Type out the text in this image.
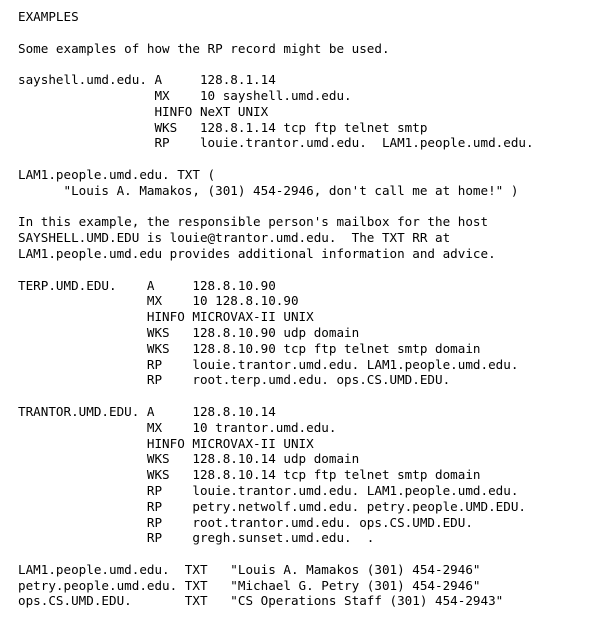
EXAMPLES
Some examples of how the RP record might be used.
sayshell.umd.edu. A     128.8.1.14
MX    10 sayshell.umd.edu.
HINFO NeXT UNIX
WKS   128.8.1.14 tcp ftp telnet smtp
RP    louie.trantor.umd.edu.  LAM1.people.umd.edu.
LAM1.people.umd.edu. TXT (
"Louis A. Mamakos, (301) 454-2946, don't call me at home!" )
In this example, the responsible person's mailbox for the host
SAYSHELL.UMD.EDU is louie@trantor.umd.edu.  The TXT RR at
LAM1.people.umd.edu provides additional information and advice.
TERP.UMD.EDU.    A     128.8.10.90
MX    10 128.8.10.90
HINFO MICROVAX-II UNIX
WKS   128.8.10.90 udp domain
WKS   128.8.10.90 tcp ftp telnet smtp domain
RP    louie.trantor.umd.edu. LAM1.people.umd.edu.
RP    root.terp.umd.edu. ops.CS.UMD.EDU.
TRANTOR.UMD.EDU. A     128.8.10.14
MX    10 trantor.umd.edu.
HINFO MICROVAX-II UNIX
WKS   128.8.10.14 udp domain
WKS   128.8.10.14 tcp ftp telnet smtp domain
RP    louie.trantor.umd.edu. LAM1.people.umd.edu.
RP    petry.netwolf.umd.edu. petry.people.UMD.EDU.
RP    root.trantor.umd.edu. ops.CS.UMD.EDU.
RP    gregh.sunset.umd.edu.  .
LAM1.people.umd.edu.  TXT   "Louis A. Mamakos (301) 454-2946"
petry.people.umd.edu. TXT   "Michael G. Petry (301) 454-2946"
ops.CS.UMD.EDU.       TXT   "CS Operations Staff (301) 454-2943"
